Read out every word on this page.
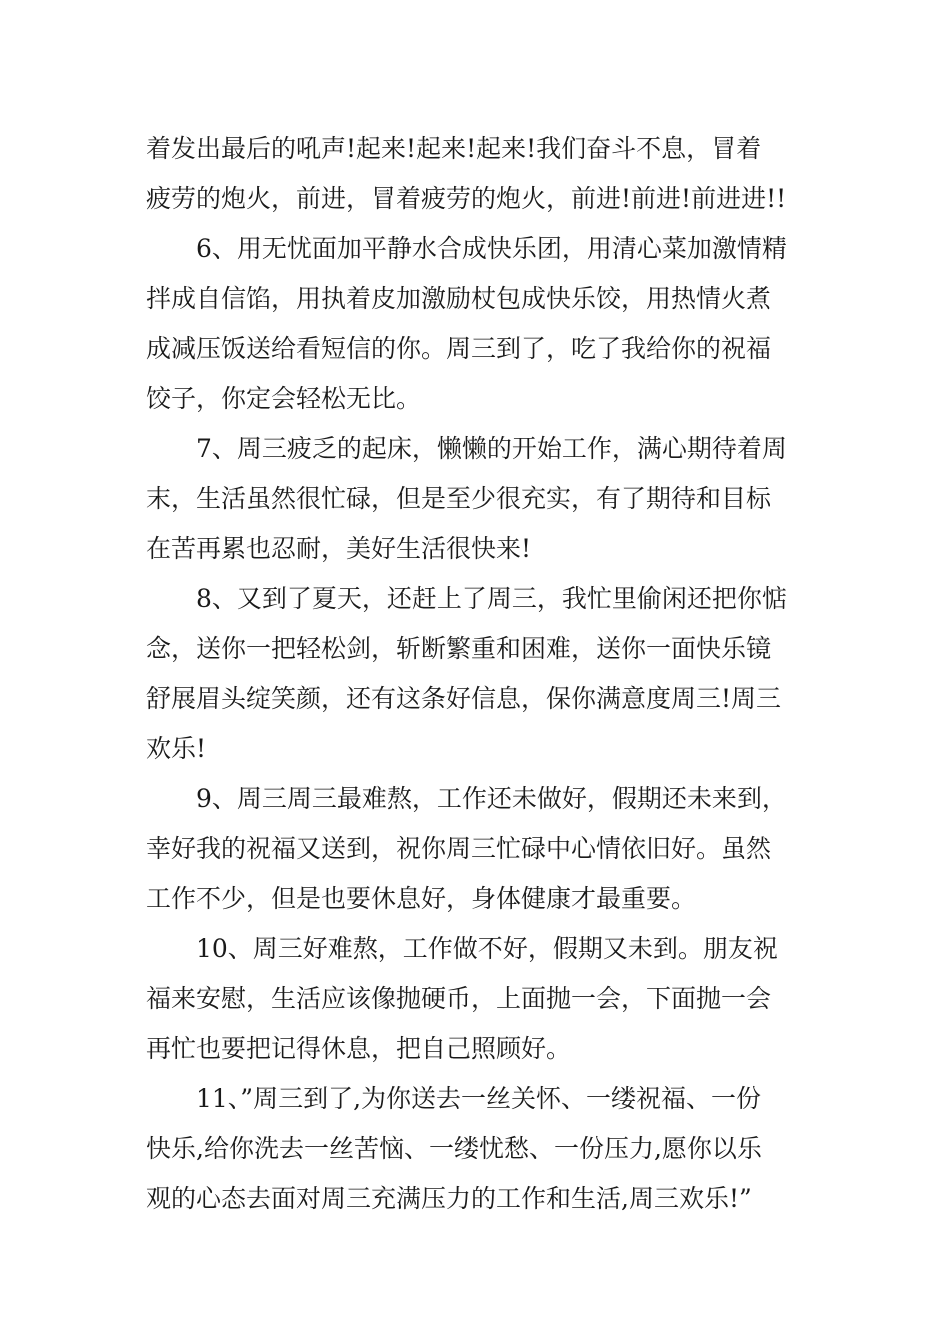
着发出最后的吼声!起来!起来!起来!我们奋斗不息，冒着
疲劳的炮火，前进，冒着疲劳的炮火，前进!前进!前进进!!
6、用无忧面加平静水合成快乐团，用清心菜加激情精
拌成自信馅，用执着皮加激励杖包成快乐饺，用热情火煮
成减压饭送给看短信的你。周三到了，吃了我给你的祝福
饺子，你定会轻松无比。
7、周三疲乏的起床，懒懒的开始工作，满心期待着周
末，生活虽然很忙碌，但是至少很充实，有了期待和目标
在苦再累也忍耐，美好生活很快来!
8、又到了夏天，还赶上了周三，我忙里偷闲还把你惦
念，送你一把轻松剑，斩断繁重和困难，送你一面快乐镜
舒展眉头绽笑颜，还有这条好信息，保你满意度周三!周三
欢乐!
9、周三周三最难熬，工作还未做好，假期还未来到，
幸好我的祝福又送到，祝你周三忙碌中心情依旧好。虽然
工作不少，但是也要休息好，身体健康才最重要。
10、周三好难熬，工作做不好，假期又未到。朋友祝
福来安慰，生活应该像抛硬币，上面抛一会，下面抛一会
再忙也要把记得休息，把自己照顾好。
11、”周三到了,为你送去一丝关怀、一缕祝福、一份
快乐,给你洗去一丝苦恼、一缕忧愁、一份压力,愿你以乐
观的心态去面对周三充满压力的工作和生活,周三欢乐!”
